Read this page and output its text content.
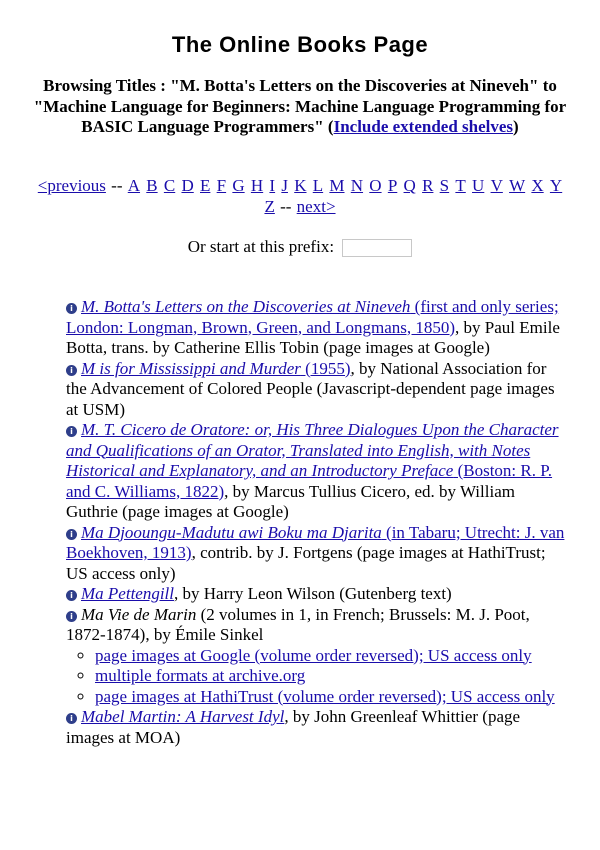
The Online Books Page
Browsing Titles : "M. Botta's Letters on the Discoveries at Nineveh" to "Machine Language for Beginners: Machine Language Programming for BASIC Language Programmers" (Include extended shelves)
<previous -- A B C D E F G H I J K L M N O P Q R S T U V W X Y Z -- next>
Or start at this prefix:
i M. Botta's Letters on the Discoveries at Nineveh (first and only series; London: Longman, Brown, Green, and Longmans, 1850), by Paul Emile Botta, trans. by Catherine Ellis Tobin (page images at Google)
i M is for Mississippi and Murder (1955), by National Association for the Advancement of Colored People (Javascript-dependent page images at USM)
i M. T. Cicero de Oratore: or, His Three Dialogues Upon the Character and Qualifications of an Orator, Translated into English, with Notes Historical and Explanatory, and an Introductory Preface (Boston: R. P. and C. Williams, 1822), by Marcus Tullius Cicero, ed. by William Guthrie (page images at Google)
i Ma Djooungu-Madutu awi Boku ma Djarita (in Tabaru; Utrecht: J. van Boekhoven, 1913), contrib. by J. Fortgens (page images at HathiTrust; US access only)
i Ma Pettengill, by Harry Leon Wilson (Gutenberg text)
i Ma Vie de Marin (2 volumes in 1, in French; Brussels: M. J. Poot, 1872-1874), by Émile Sinkel
◦ page images at Google (volume order reversed); US access only
◦ multiple formats at archive.org
◦ page images at HathiTrust (volume order reversed); US access only
i Mabel Martin: A Harvest Idyl, by John Greenleaf Whittier (page images at MOA)
